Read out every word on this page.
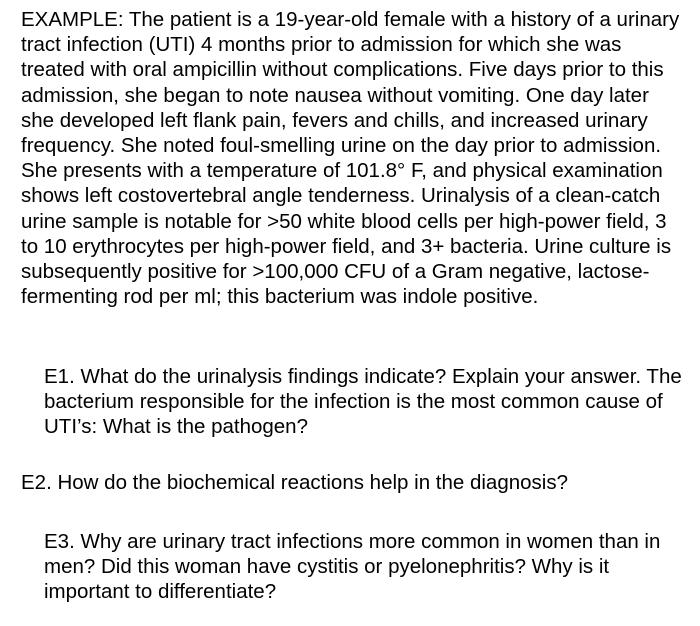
EXAMPLE: The patient is a 19-year-old female with a history of a urinary tract infection (UTI) 4 months prior to admission for which she was treated with oral ampicillin without complications. Five days prior to this admission, she began to note nausea without vomiting. One day later she developed left flank pain, fevers and chills, and increased urinary frequency. She noted foul-smelling urine on the day prior to admission. She presents with a temperature of 101.8° F, and physical examination shows left costovertebral angle tenderness. Urinalysis of a clean-catch urine sample is notable for >50 white blood cells per high-power field, 3 to 10 erythrocytes per high-power field, and 3+ bacteria. Urine culture is subsequently positive for >100,000 CFU of a Gram negative, lactose-fermenting rod per ml; this bacterium was indole positive.

E1. What do the urinalysis findings indicate? Explain your answer. The bacterium responsible for the infection is the most common cause of UTI’s: What is the pathogen?

E2. How do the biochemical reactions help in the diagnosis?

E3. Why are urinary tract infections more common in women than in men? Did this woman have cystitis or pyelonephritis? Why is it important to differentiate?
